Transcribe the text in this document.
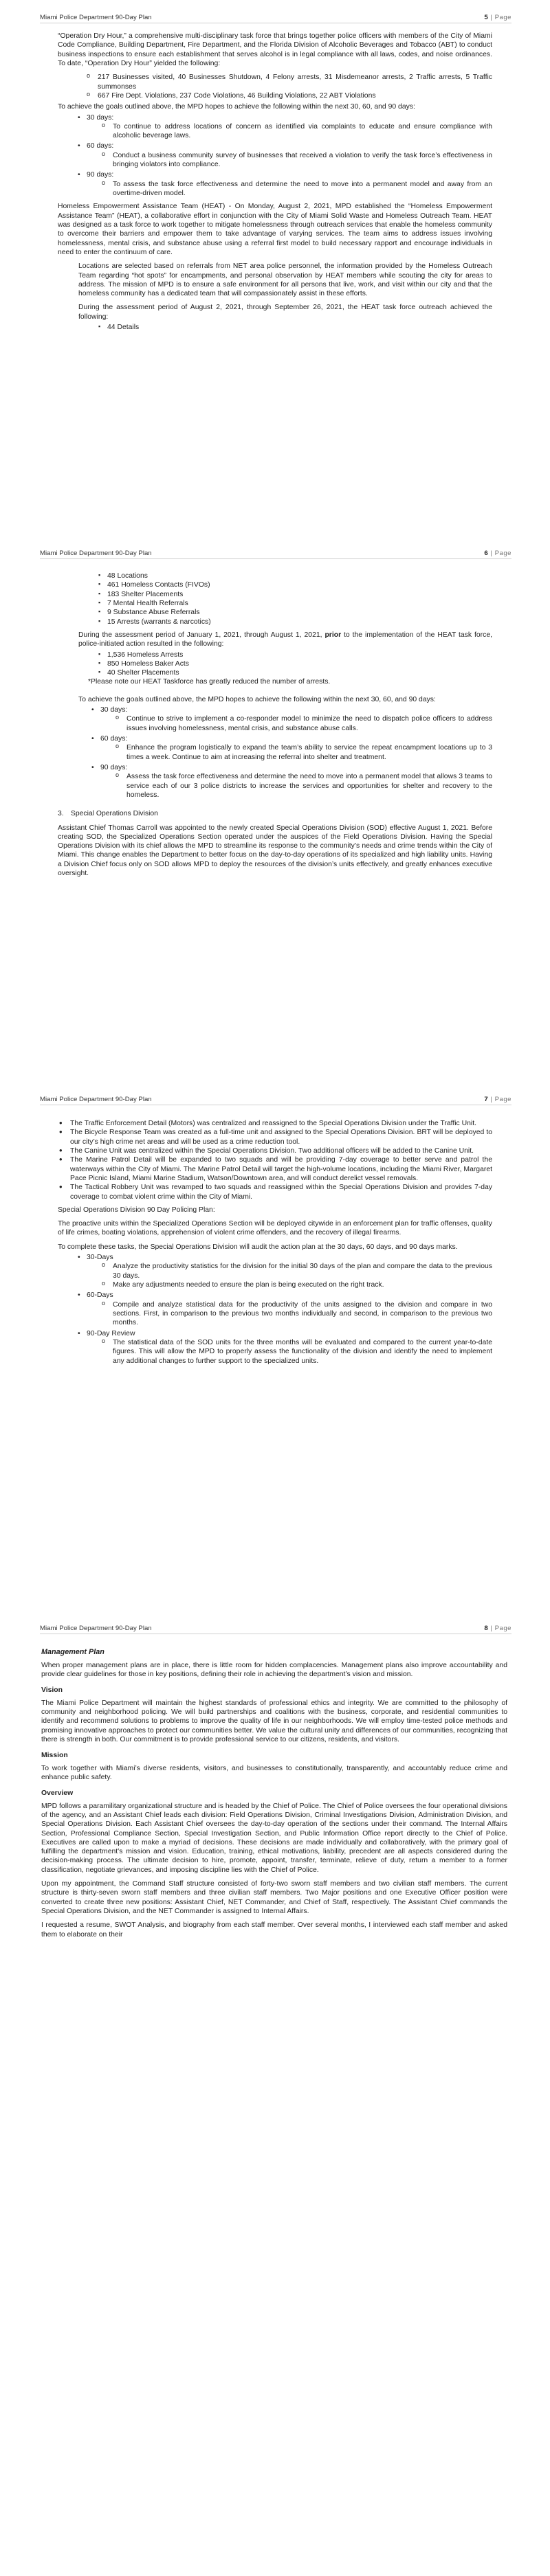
Miami Police Department 90-Day Plan	5 | Page

“Operation Dry Hour,” a comprehensive multi-disciplinary task force that brings together police officers with members of the City of Miami Code Compliance, Building Department, Fire Department, and the Florida Division of Alcoholic Beverages and Tobacco (ABT) to conduct business inspections to ensure each establishment that serves alcohol is in legal compliance with all laws, codes, and noise ordinances. To date, “Operation Dry Hour” yielded the following:

o 217 Businesses visited, 40 Businesses Shutdown, 4 Felony arrests, 31 Misdemeanor arrests, 2 Traffic arrests, 5 Traffic summonses
o 667 Fire Dept. Violations, 237 Code Violations, 46 Building Violations, 22 ABT Violations

To achieve the goals outlined above, the MPD hopes to achieve the following within the next 30, 60, and 90 days:

• 30 days:
o To continue to address locations of concern as identified via complaints to educate and ensure compliance with alcoholic beverage laws.
• 60 days:
o Conduct a business community survey of businesses that received a violation to verify the task force’s effectiveness in bringing violators into compliance.
• 90 days:
o To assess the task force effectiveness and determine the need to move into a permanent model and away from an overtime-driven model.

Homeless Empowerment Assistance Team (HEAT) - On Monday, August 2, 2021, MPD established the “Homeless Empowerment Assistance Team” (HEAT), a collaborative effort in conjunction with the City of Miami Solid Waste and Homeless Outreach Team. HEAT was designed as a task force to work together to mitigate homelessness through outreach services that enable the homeless community to overcome their barriers and empower them to take advantage of varying services. The team aims to address issues involving homelessness, mental crisis, and substance abuse using a referral first model to build necessary rapport and encourage individuals in need to enter the continuum of care.

Locations are selected based on referrals from NET area police personnel, the information provided by the Homeless Outreach Team regarding “hot spots” for encampments, and personal observation by HEAT members while scouting the city for areas to address. The mission of MPD is to ensure a safe environment for all persons that live, work, and visit within our city and that the homeless community has a dedicated team that will compassionately assist in these efforts.

During the assessment period of August 2, 2021, through September 26, 2021, the HEAT task force outreach achieved the following:

▪ 44 Details
Miami Police Department 90-Day Plan	6 | Page
▪ 48 Locations
▪ 461 Homeless Contacts (FIVOs)
▪ 183 Shelter Placements
▪ 7 Mental Health Referrals
▪ 9 Substance Abuse Referrals
▪ 15 Arrests (warrants & narcotics)

During the assessment period of January 1, 2021, through August 1, 2021, prior to the implementation of the HEAT task force, police-initiated action resulted in the following:

▪ 1,536 Homeless Arrests
▪ 850 Homeless Baker Acts
▪ 40 Shelter Placements

*Please note our HEAT Taskforce has greatly reduced the number of arrests.

To achieve the goals outlined above, the MPD hopes to achieve the following within the next 30, 60, and 90 days:

• 30 days:
o Continue to strive to implement a co-responder model to minimize the need to dispatch police officers to address issues involving homelessness, mental crisis, and substance abuse calls.
• 60 days:
o Enhance the program logistically to expand the team’s ability to service the repeat encampment locations up to 3 times a week. Continue to aim at increasing the referral into shelter and treatment.
• 90 days:
o Assess the task force effectiveness and determine the need to move into a permanent model that allows 3 teams to service each of our 3 police districts to increase the services and opportunities for shelter and recovery to the homeless.

3. Special Operations Division

Assistant Chief Thomas Carroll was appointed to the newly created Special Operations Division (SOD) effective August 1, 2021. Before creating SOD, the Specialized Operations Section operated under the auspices of the Field Operations Division. Having the Special Operations Division with its chief allows the MPD to streamline its response to the community’s needs and crime trends within the City of Miami. This change enables the Department to better focus on the day-to-day operations of its specialized and high liability units. Having a Division Chief focus only on SOD allows MPD to deploy the resources of the division’s units effectively, and greatly enhances executive oversight.

Miami Police Department 90-Day Plan	7 | Page
• The Traffic Enforcement Detail (Motors) was centralized and reassigned to the Special Operations Division under the Traffic Unit.
• The Bicycle Response Team was created as a full-time unit and assigned to the Special Operations Division. BRT will be deployed to our city’s high crime net areas and will be used as a crime reduction tool.
• The Canine Unit was centralized within the Special Operations Division. Two additional officers will be added to the Canine Unit.
• The Marine Patrol Detail will be expanded to two squads and will be providing 7-day coverage to better serve and patrol the waterways within the City of Miami. The Marine Patrol Detail will target the high-volume locations, including the Miami River, Margaret Pace Picnic Island, Miami Marine Stadium, Watson/Downtown area, and will conduct derelict vessel removals.
• The Tactical Robbery Unit was revamped to two squads and reassigned within the Special Operations Division and provides 7-day coverage to combat violent crime within the City of Miami.

Special Operations Division 90 Day Policing Plan:

The proactive units within the Specialized Operations Section will be deployed citywide in an enforcement plan for traffic offenses, quality of life crimes, boating violations, apprehension of violent crime offenders, and the recovery of illegal firearms.

To complete these tasks, the Special Operations Division will audit the action plan at the 30 days, 60 days, and 90 days marks.

• 30-Days
o Analyze the productivity statistics for the division for the initial 30 days of the plan and compare the data to the previous 30 days.
o Make any adjustments needed to ensure the plan is being executed on the right track.
• 60-Days
o Compile and analyze statistical data for the productivity of the units assigned to the division and compare in two sections. First, in comparison to the previous two months individually and second, in comparison to the previous two months.
• 90-Day Review
o The statistical data of the SOD units for the three months will be evaluated and compared to the current year-to-date figures. This will allow the MPD to properly assess the functionality of the division and identify the need to implement any additional changes to further support to the specialized units.
Miami Police Department 90-Day Plan	8 | Page
Management Plan

When proper management plans are in place, there is little room for hidden complacencies. Management plans also improve accountability and provide clear guidelines for those in key positions, defining their role in achieving the department’s vision and mission.

Vision

The Miami Police Department will maintain the highest standards of professional ethics and integrity. We are committed to the philosophy of community and neighborhood policing. We will build partnerships and coalitions with the business, corporate, and residential communities to identify and recommend solutions to problems to improve the quality of life in our neighborhoods. We will employ time-tested police methods and promising innovative approaches to protect our communities better. We value the cultural unity and differences of our communities, recognizing that there is strength in both. Our commitment is to provide professional service to our citizens, residents, and visitors.

Mission

To work together with Miami’s diverse residents, visitors, and businesses to constitutionally, transparently, and accountably reduce crime and enhance public safety.

Overview

MPD follows a paramilitary organizational structure and is headed by the Chief of Police. The Chief of Police oversees the four operational divisions of the agency, and an Assistant Chief leads each division: Field Operations Division, Criminal Investigations Division, Administration Division, and Special Operations Division. Each Assistant Chief oversees the day-to-day operation of the sections under their command. The Internal Affairs Section, Professional Compliance Section, Special Investigation Section, and Public Information Office report directly to the Chief of Police. Executives are called upon to make a myriad of decisions. These decisions are made individually and collaboratively, with the primary goal of fulfilling the department’s mission and vision. Education, training, ethical motivations, liability, precedent are all aspects considered during the decision-making process. The ultimate decision to hire, promote, appoint, transfer, terminate, relieve of duty, return a member to a former classification, negotiate grievances, and imposing discipline lies with the Chief of Police.

Upon my appointment, the Command Staff structure consisted of forty-two sworn staff members and two civilian staff members. The current structure is thirty-seven sworn staff members and three civilian staff members. Two Major positions and one Executive Officer position were converted to create three new positions: Assistant Chief, NET Commander, and Chief of Staff, respectively. The Assistant Chief commands the Special Operations Division, and the NET Commander is assigned to Internal Affairs.

I requested a resume, SWOT Analysis, and biography from each staff member. Over several months, I interviewed each staff member and asked them to elaborate on their
